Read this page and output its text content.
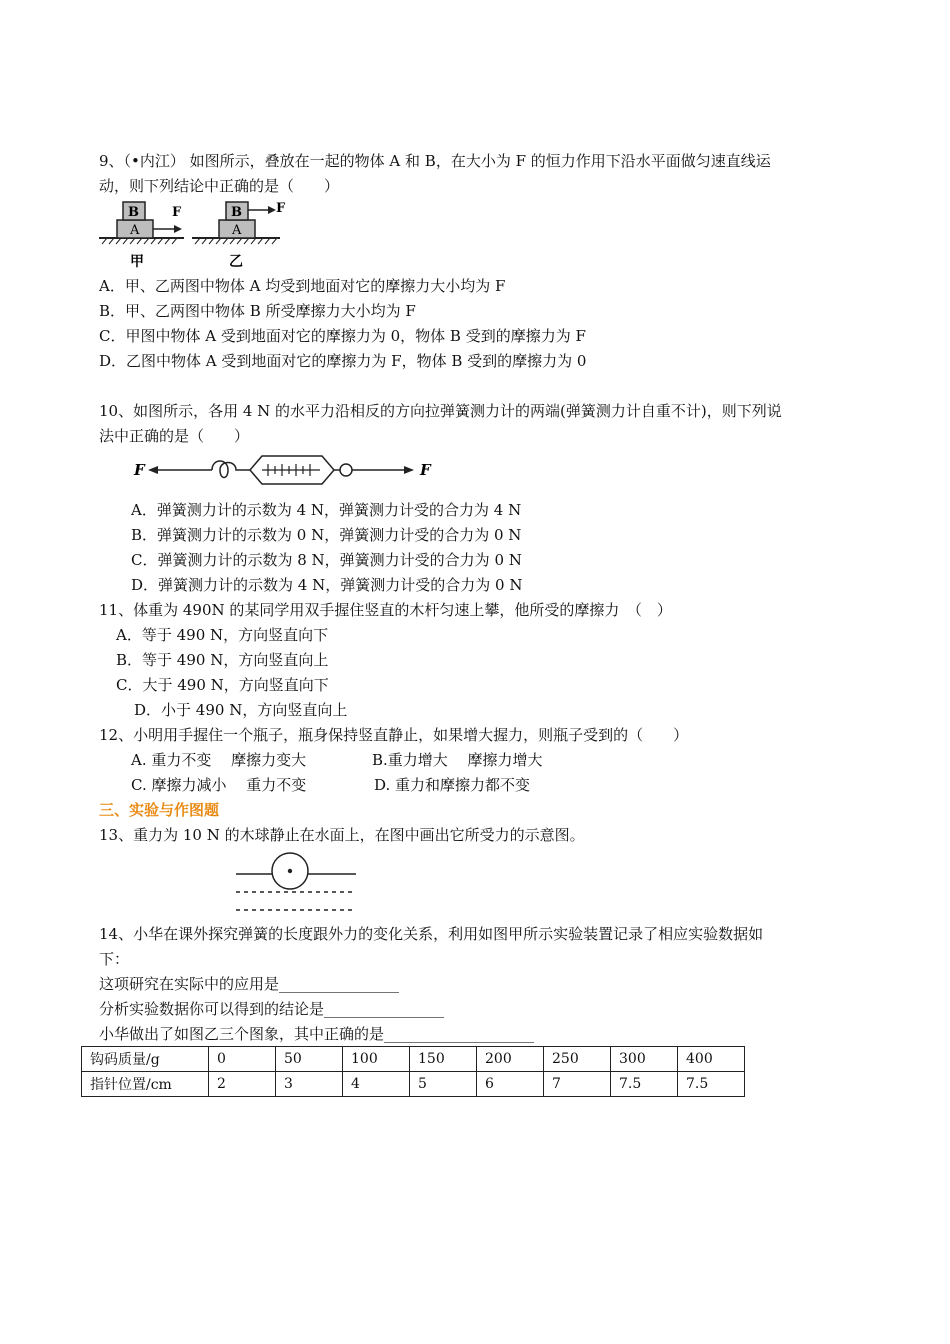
9、（•内江） 如图所示，叠放在一起的物体 A 和 B，在大小为 F 的恒力作用下沿水平面做匀速直线运
动，则下列结论中正确的是（　　）
B
A
F
甲
B
A
F
乙
A．甲、乙两图中物体 A 均受到地面对它的摩擦力大小均为 F
B．甲、乙两图中物体 B 所受摩擦力大小均为 F
C．甲图中物体 A 受到地面对它的摩擦力为 0，物体 B 受到的摩擦力为 F
D．乙图中物体 A 受到地面对它的摩擦力为 F，物体 B 受到的摩擦力为 0
10、如图所示，各用 4 N 的水平力沿相反的方向拉弹簧测力计的两端(弹簧测力计自重不计)，则下列说
法中正确的是（　　）
F	F
A．弹簧测力计的示数为 4 N，弹簧测力计受的合力为 4 N
B．弹簧测力计的示数为 0 N，弹簧测力计受的合力为 0 N
C．弹簧测力计的示数为 8 N，弹簧测力计受的合力为 0 N
D．弹簧测力计的示数为 4 N，弹簧测力计受的合力为 0 N
11、体重为 490N 的某同学用双手握住竖直的木杆匀速上攀，他所受的摩擦力　（　）
A．等于 490 N，方向竖直向下
B．等于 490 N，方向竖直向上
C．大于 490 N，方向竖直向下
D．小于 490 N，方向竖直向上
12、小明用手握住一个瓶子，瓶身保持竖直静止，如果增大握力，则瓶子受到的（　　）
A. 重力不变　 摩擦力变大	B.重力增大　 摩擦力增大
C. 摩擦力减小　 重力不变	D. 重力和摩擦力都不变
三、实验与作图题
13、重力为 10 N 的木球静止在水面上，在图中画出它所受力的示意图。
14、小华在课外探究弹簧的长度跟外力的变化关系，利用如图甲所示实验装置记录了相应实验数据如
下：
这项研究在实际中的应用是________________
分析实验数据你可以得到的结论是________________
小华做出了如图乙三个图象，其中正确的是____________________
钩码质量/g	0	50	100	150	200	250	300	400
指针位置/cm	2	3	4	5	6	7	7.5	7.5
